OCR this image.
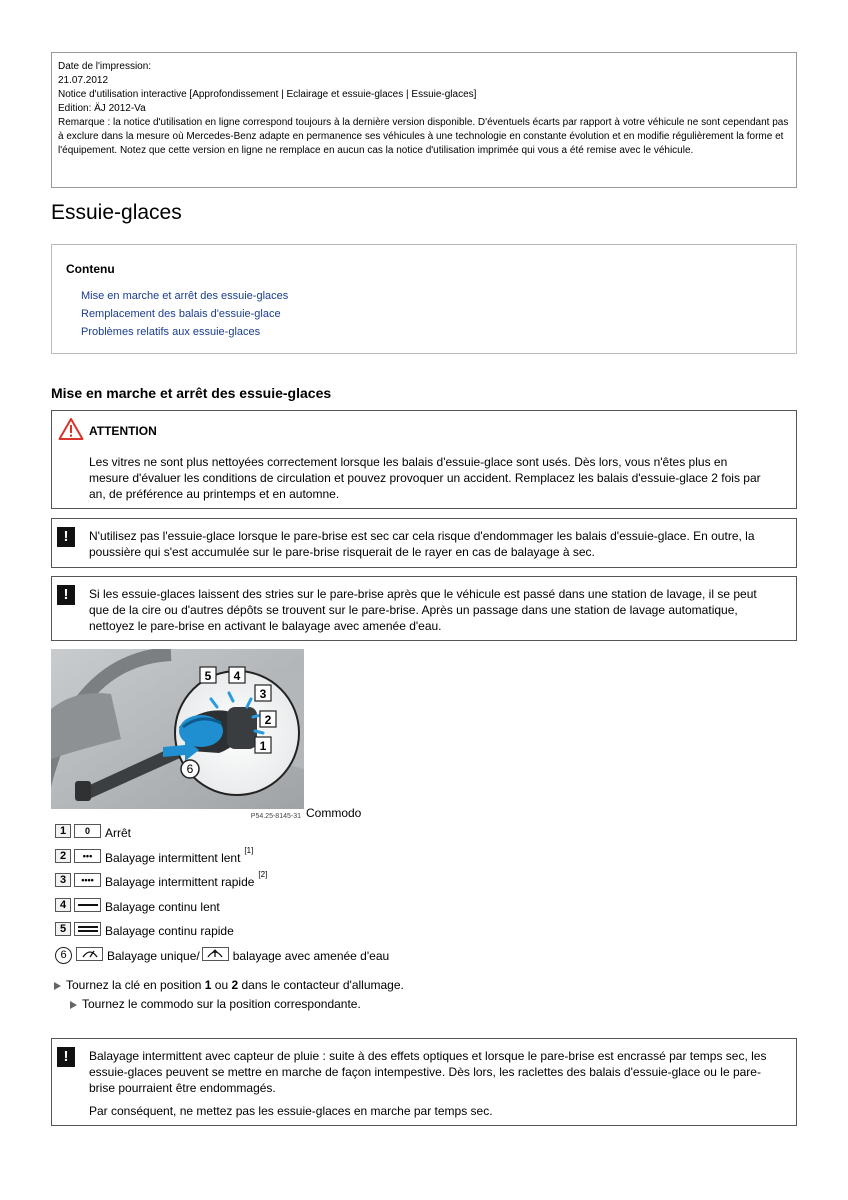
Date de l'impression:

21.07.2012

Notice d'utilisation interactive [Approfondissement | Eclairage et essuie-glaces | Essuie-glaces]

Edition: ÄJ 2012-Va

Remarque : la notice d'utilisation en ligne correspond toujours à la dernière version disponible. D'éventuels écarts par rapport à votre véhicule ne sont cependant pas à exclure dans la mesure où Mercedes-Benz adapte en permanence ses véhicules à une technologie en constante évolution et en modifie régulièrement la forme et l'équipement. Notez que cette version en ligne ne remplace en aucun cas la notice d'utilisation imprimée qui vous a été remise avec le véhicule.

Essuie-glaces
Contenu
Mise en marche et arrêt des essuie-glaces
Remplacement des balais d'essuie-glace
Problèmes relatifs aux essuie-glaces
Mise en marche et arrêt des essuie-glaces
ATTENTION

Les vitres ne sont plus nettoyées correctement lorsque les balais d'essuie-glace sont usés. Dès lors, vous n'êtes plus en mesure d'évaluer les conditions de circulation et pouvez provoquer un accident. Remplacez les balais d'essuie-glace 2 fois par an, de préférence au printemps et en automne.

!	N'utilisez pas l'essuie-glace lorsque le pare-brise est sec car cela risque d'endommager les balais d'essuie-glace. En outre, la poussière qui s'est accumulée sur le pare-brise risquerait de le rayer en cas de balayage à sec.

!	Si les essuie-glaces laissent des stries sur le pare-brise après que le véhicule est passé dans une station de lavage, il se peut que de la cire ou d'autres dépôts se trouvent sur le pare-brise. Après un passage dans une station de lavage automatique, nettoyez le pare-brise en activant le balayage avec amenée d'eau.

5 4
3
2
1
6
P54.25-8145-31 Commodo
1	0	Arrêt
2	•••	Balayage intermittent lent
[1]
3	•••• Balayage intermittent rapide
[2]
4	Balayage continu lent
5	Balayage continu rapide
6	Balayage unique/	balayage avec amenée d'eau
Tournez la clé en position 1 ou 2 dans le contacteur d'allumage.
Tournez le commodo sur la position correspondante.
!	Balayage intermittent avec capteur de pluie : suite à des effets optiques et lorsque le pare-brise est encrassé par temps sec, les essuie-glaces peuvent se mettre en marche de façon intempestive. Dès lors, les raclettes des balais d'essuie-glace ou le pare-brise pourraient être endommagés.

Par conséquent, ne mettez pas les essuie-glaces en marche par temps sec.
